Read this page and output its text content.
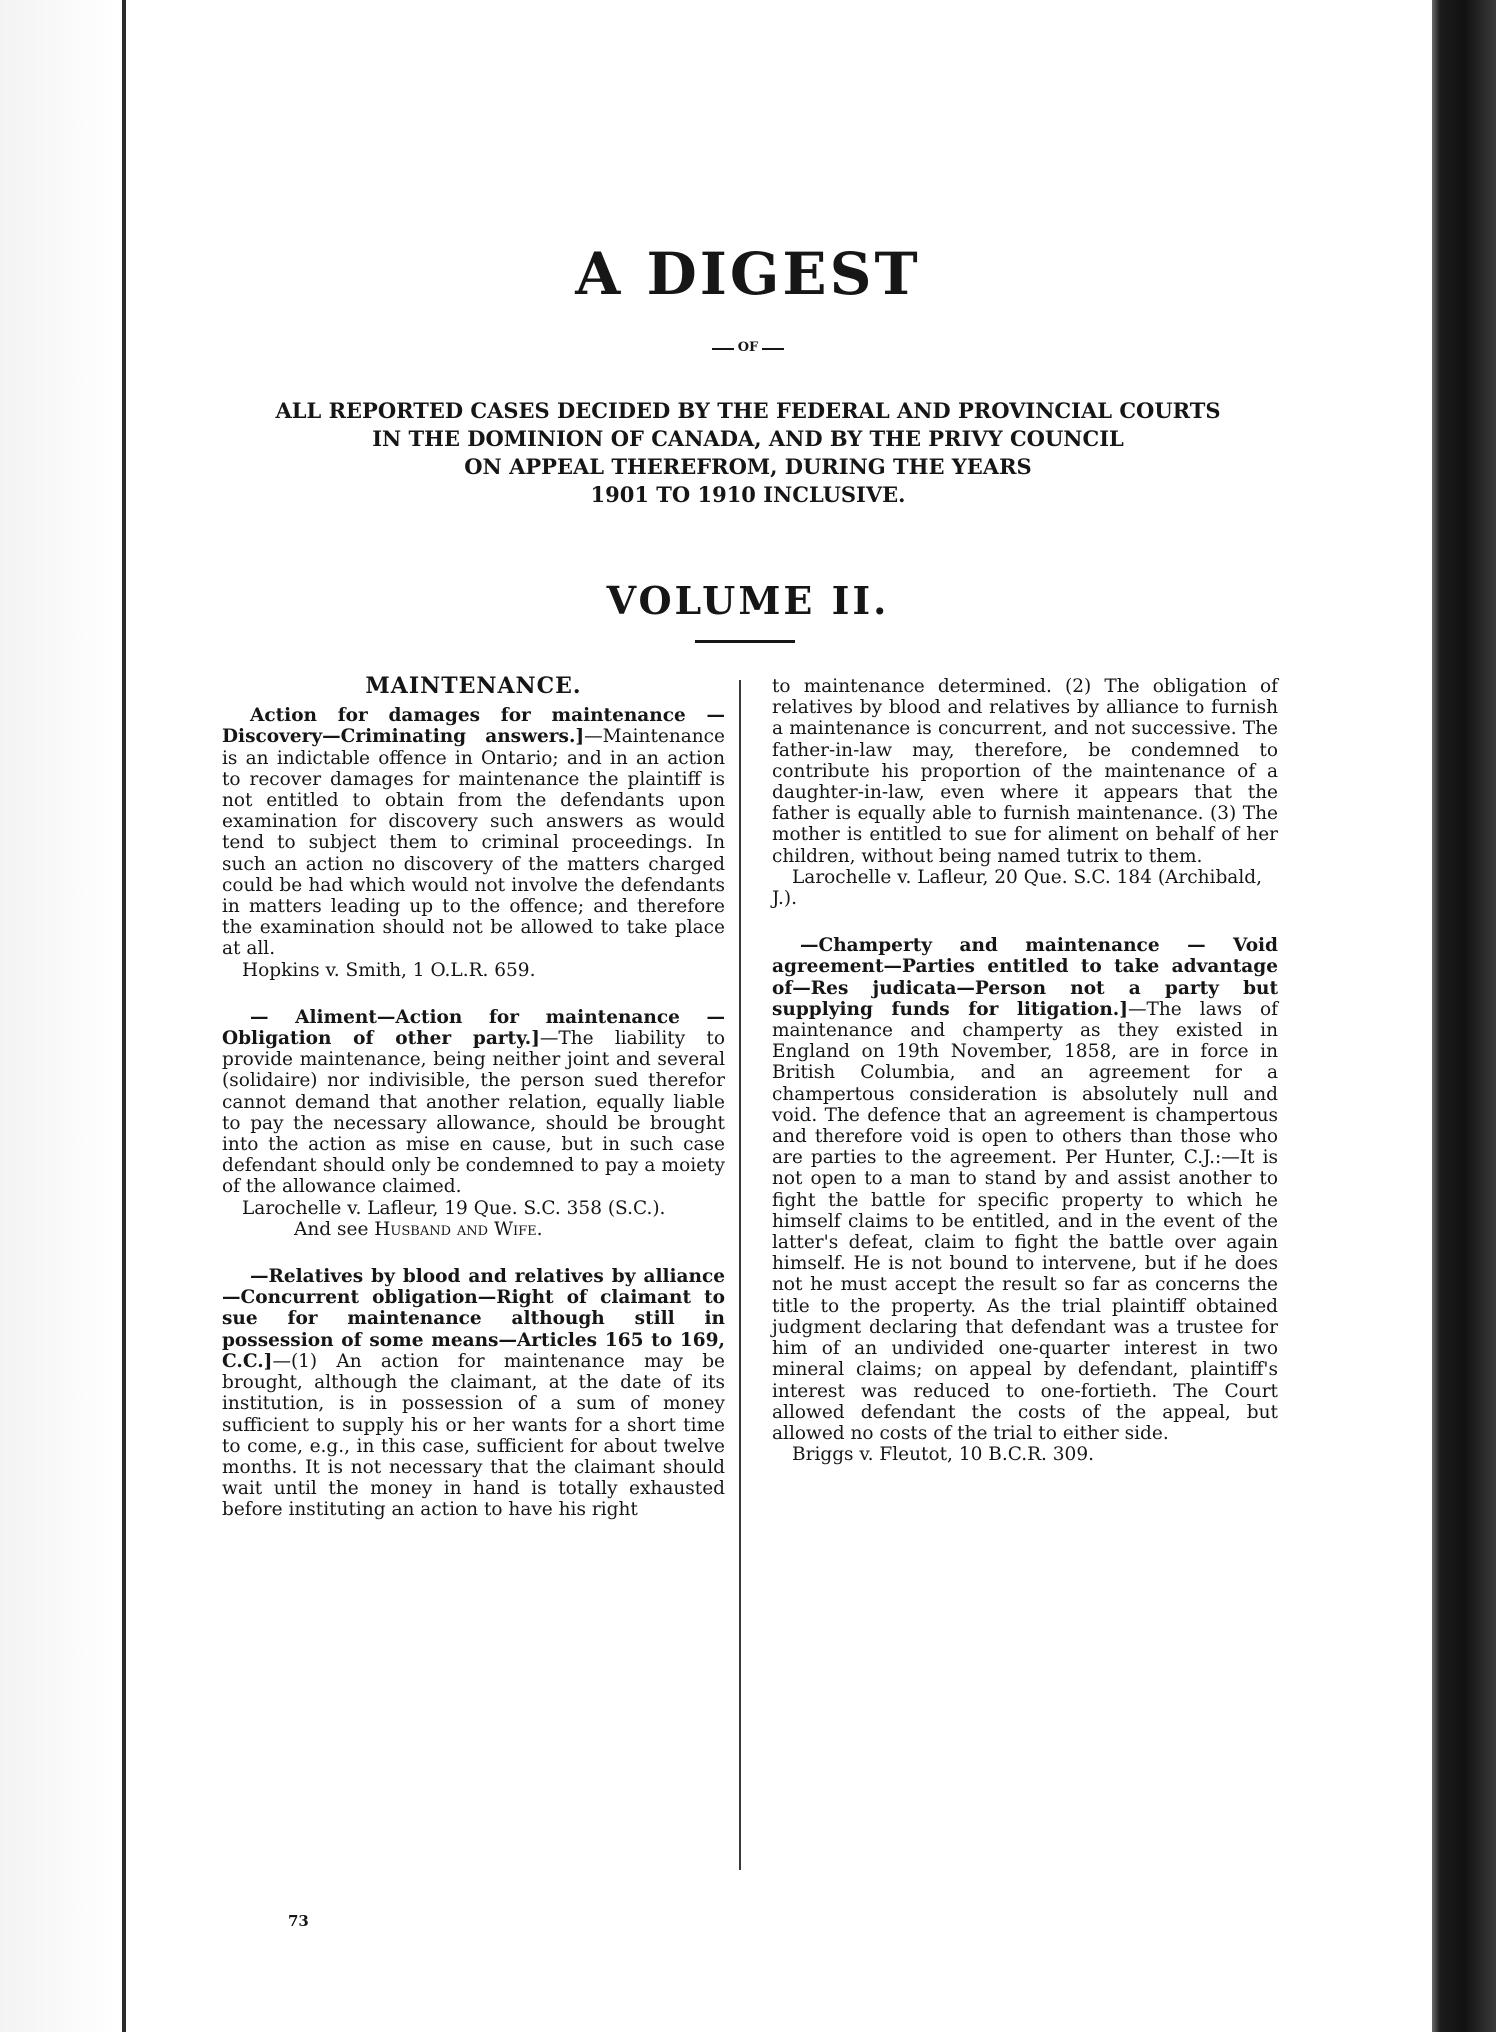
A DIGEST
OF
ALL REPORTED CASES DECIDED BY THE FEDERAL AND PROVINCIAL COURTS
IN THE DOMINION OF CANADA, AND BY THE PRIVY COUNCIL
ON APPEAL THEREFROM, DURING THE YEARS
1901 TO 1910 INCLUSIVE.
VOLUME II.
MAINTENANCE.

Action for damages for maintenance — Discovery—Criminating answers.]—Maintenance is an indictable offence in Ontario; and in an action to recover damages for maintenance the plaintiff is not entitled to obtain from the defendants upon examination for discovery such answers as would tend to subject them to criminal proceedings. In such an action no discovery of the matters charged could be had which would not involve the defendants in matters leading up to the offence; and therefore the examination should not be allowed to take place at all.

Hopkins v. Smith, 1 O.L.R. 659.

— Aliment—Action for maintenance — Obligation of other party.]—The liability to provide maintenance, being neither joint and several (solidaire) nor indivisible, the person sued therefor cannot demand that another relation, equally liable to pay the necessary allowance, should be brought into the action as mise en cause, but in such case defendant should only be condemned to pay a moiety of the allowance claimed.

Larochelle v. Lafleur, 19 Que. S.C. 358 (S.C.).

And see Husband and Wife.

—Relatives by blood and relatives by alliance—Concurrent obligation—Right of claimant to sue for maintenance although still in possession of some means—Articles 165 to 169, C.C.]—(1) An action for maintenance may be brought, although the claimant, at the date of its institution, is in possession of a sum of money sufficient to supply his or her wants for a short time to come, e.g., in this case, sufficient for about twelve months. It is not necessary that the claimant should wait until the money in hand is totally exhausted before instituting an action to have his right

to maintenance determined. (2) The obligation of relatives by blood and relatives by alliance to furnish a maintenance is concurrent, and not successive. The father-in-law may, therefore, be condemned to contribute his proportion of the maintenance of a daughter-in-law, even where it appears that the father is equally able to furnish maintenance. (3) The mother is entitled to sue for aliment on behalf of her children, without being named tutrix to them.

Larochelle v. Lafleur, 20 Que. S.C. 184 (Archibald, J.).

—Champerty and maintenance — Void agreement—Parties entitled to take advantage of—Res judicata—Person not a party but supplying funds for litigation.]—The laws of maintenance and champerty as they existed in England on 19th November, 1858, are in force in British Columbia, and an agreement for a champertous consideration is absolutely null and void. The defence that an agreement is champertous and therefore void is open to others than those who are parties to the agreement. Per Hunter, C.J.:—It is not open to a man to stand by and assist another to fight the battle for specific property to which he himself claims to be entitled, and in the event of the latter's defeat, claim to fight the battle over again himself. He is not bound to intervene, but if he does not he must accept the result so far as concerns the title to the property. As the trial plaintiff obtained judgment declaring that defendant was a trustee for him of an undivided one-quarter interest in two mineral claims; on appeal by defendant, plaintiff's interest was reduced to one-fortieth. The Court allowed defendant the costs of the appeal, but allowed no costs of the trial to either side.

Briggs v. Fleutot, 10 B.C.R. 309.

73
